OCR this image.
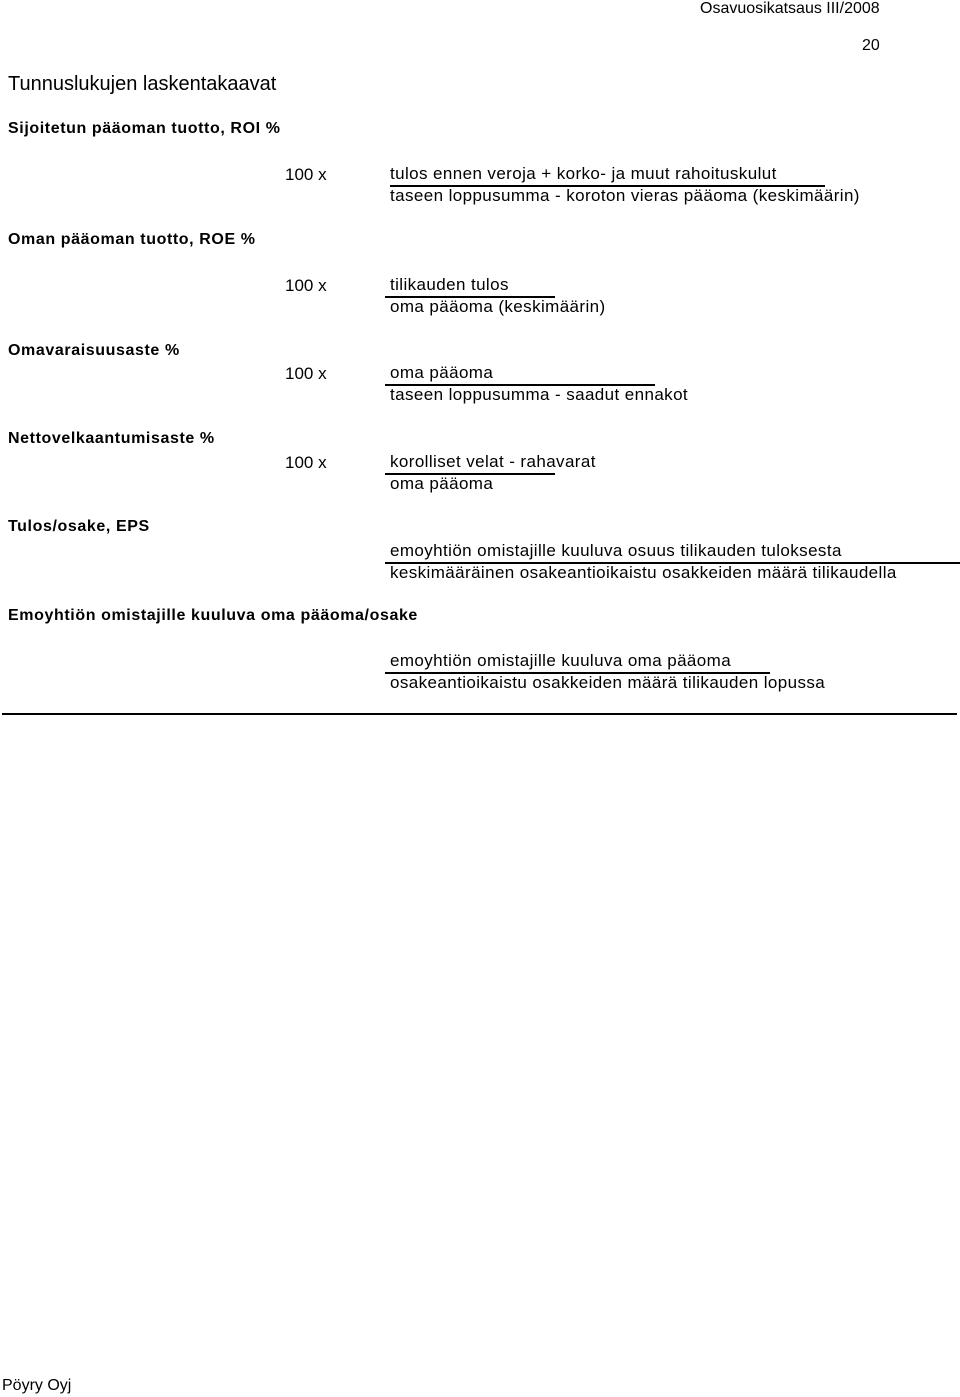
Osavuosikatsaus III/2008
20
Tunnuslukujen laskentakaavat
Sijoitetun pääoman tuotto, ROI %
100 x	tulos ennen veroja + korko- ja muut rahoituskulut
taseen loppusumma - koroton vieras pääoma (keskimäärin)
Oman pääoman tuotto, ROE %
100 x	tilikauden tulos
oma pääoma (keskimäärin)
Omavaraisuusaste %
100 x	oma pääoma
taseen loppusumma - saadut ennakot
Nettovelkaantumisaste %
100 x	korolliset velat - rahavarat
oma pääoma
Tulos/osake, EPS
emoyhtiön omistajille kuuluva osuus tilikauden tuloksesta
keskimääräinen osakeantioikaistu osakkeiden määrä tilikaudella
Emoyhtiön omistajille kuuluva oma pääoma/osake
emoyhtiön omistajille kuuluva oma pääoma
osakeantioikaistu osakkeiden määrä tilikauden lopussa
Pöyry Oyj
